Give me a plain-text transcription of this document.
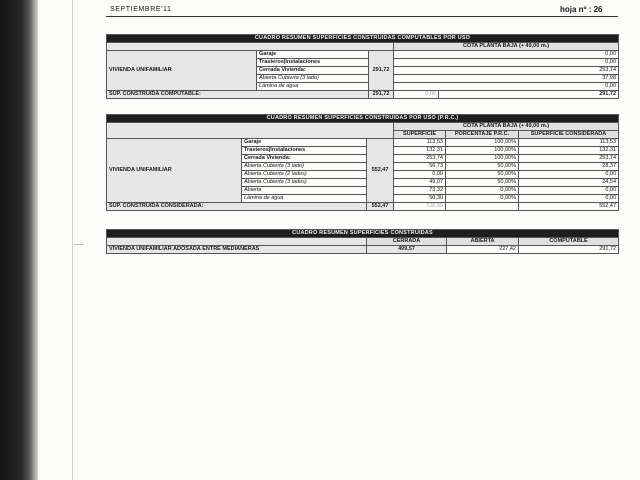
SEPTIEMBRE'11	hoja nº : 26
CUADRO RESUMEN SUPERFICIES CONSTRUIDAS COMPUTABLES POR USO				
			COTA PLANTA BAJA (+ 49,00 m.)	
VIVIENDA UNIFAMILIAR	Garaje	291,72	0,00	
	Trasteros|Instalaciones		0,00	
	Cerrada Vivienda:		253,74	
	Abierta Cubierta (3 lado)		37,98	
	Lámina de agua		0,00	
SUP. CONSTRUIDA COMPUTABLE:		291,72	0,00	291,72
CUADRO RESUMEN SUPERFICIES CONSTRUIDAS POR USO (P.R.C.)					
			COTA PLANTA BAJA (+ 49,00 m.)		
			SUPERFICIE	PORCENTAJE P.R.C.	SUPERFICIE CONSIDERADA
VIVIENDA UNIFAMILIAR	Garaje	552,47	113,53	100,00%	113,53
	Trasteros|Instalaciones		132,31	100,00%	132,31
	Cerrada Vivienda:		253,74	100,00%	253,74
	Abierta Cubierta (3 lado)		56,73	50,00%	28,37
	Abierta Cubierta (2 lados)		0,00	50,00%	0,00
	Abierta Cubierta (3 lados)		49,07	50,00%	24,54
	Abierta		73,32	0,00%	0,00
	Lámina de agua		50,30	0,00%	0,00
SUP. CONSTRUIDA CONSIDERADA:		552,47	726,99		552,47
CUADRO RESUMEN SUPERFICIES CONSTRUIDAS			
	CERRADA	ABIERTA	COMPUTABLE
VIVIENDA UNIFAMILIAR ADOSADA ENTRE MEDIANERAS	499,57	227,42	291,72
